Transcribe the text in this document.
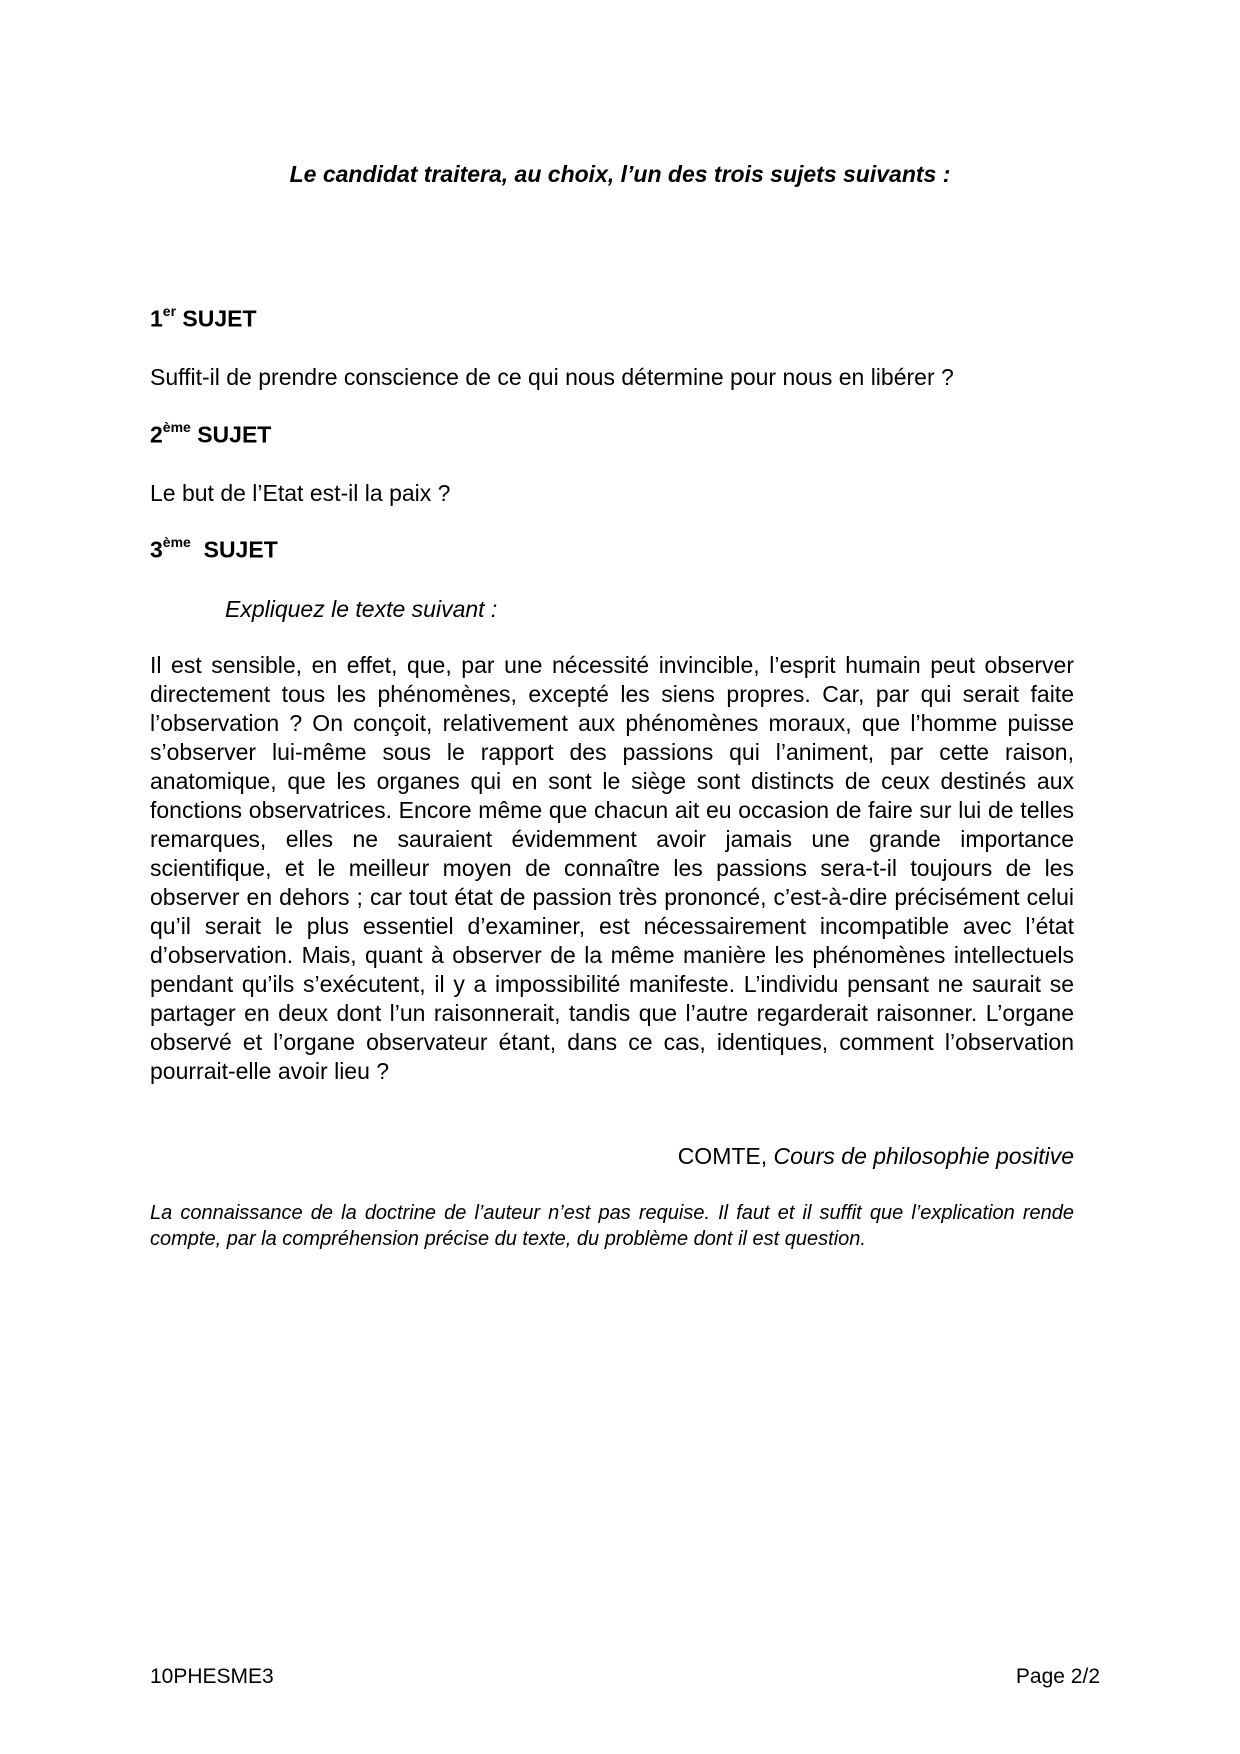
Le candidat traitera, au choix, l’un des trois sujets suivants :
1er SUJET
Suffit-il de prendre conscience de ce qui nous détermine pour nous en libérer ?
2ème SUJET
Le but de l’Etat est-il la paix ?
3ème SUJET
Expliquez le texte suivant :

Il est sensible, en effet, que, par une nécessité invincible, l’esprit humain peut observer directement tous les phénomènes, excepté les siens propres. Car, par qui serait faite l’observation ? On conçoit, relativement aux phénomènes moraux, que l’homme puisse s’observer lui-même sous le rapport des passions qui l’animent, par cette raison, anatomique, que les organes qui en sont le siège sont distincts de ceux destinés aux fonctions observatrices. Encore même que chacun ait eu occasion de faire sur lui de telles remarques, elles ne sauraient évidemment avoir jamais une grande importance scientifique, et le meilleur moyen de connaître les passions sera-t-il toujours de les observer en dehors ; car tout état de passion très prononcé, c’est-à-dire précisément celui qu’il serait le plus essentiel d’examiner, est nécessairement incompatible avec l’état d’observation. Mais, quant à observer de la même manière les phénomènes intellectuels pendant qu’ils s’exécutent, il y a impossibilité manifeste. L’individu pensant ne saurait se partager en deux dont l’un raisonnerait, tandis que l’autre regarderait raisonner. L’organe observé et l’organe observateur étant, dans ce cas, identiques, comment l’observation pourrait-elle avoir lieu ?

COMTE, Cours de philosophie positive

La connaissance de la doctrine de l’auteur n’est pas requise. Il faut et il suffit que l’explication rende compte, par la compréhension précise du texte, du problème dont il est question.

10PHESME3	Page 2/2
